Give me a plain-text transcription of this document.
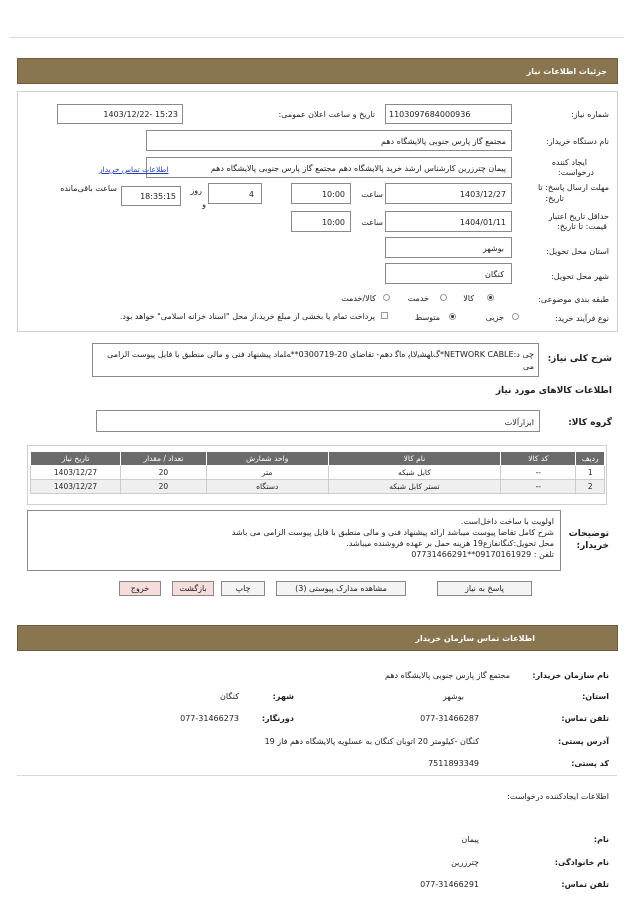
جزئیات اطلاعات نیاز
شماره نیاز:
1103097684000936
تاریخ و ساعت اعلان عمومی:
1403/12/22- 15:23
نام دستگاه خریدار:
مجتمع گاز پارس جنوبی پالایشگاه دهم
ایجاد کننده
درخواست:
پیمان چترزرین کارشناس ارشد خرید پالایشگاه دهم مجتمع گاز پارس جنوبی پالایشگاه دهم
اطلاعات تماس خریدار
مهلت ارسال پاسخ: تا
تاریخ:
1403/12/27
ساعت
10:00
4
روز
و
18:35:15
ساعت باقی‌مانده
حداقل تاریخ اعتبار
قیمت: تا تاریخ:
1404/01/11
ساعت
10:00
استان محل تحویل:
بوشهر
شهر محل تحویل:
کنگان
طبقه بندی موضوعی:
کالا
خدمت
کالا/خدمت
نوع فرآیند خرید:
جزیی
متوسط
پرداخت تمام یا بخشی از مبلغ خرید،از محل "اسناد خزانه اسلامی" خواهد بود.
شرح کلی نیاز:
چی د:NETWORK CABLE*ﮒﺎﻬﺸﻳﻻﺎﭘ ﻩﺎﮔ دهم- تقاضای 20-0300719**ﻪﻠﻣاد پیشنهاد فنی و مالی منطبق با فایل پیوست الزامی می
اطلاعات کالاهای مورد نیاز
گروه کالا:
ابزارآلات
ردیف	کد کالا	نام کالا	واحد شمارش	تعداد / مقدار	تاریخ نیاز
1	--	کابل شبکه	متر	20	1403/12/27
2	--	تستر کابل شبکه	دستگاه	20	1403/12/27
توضیحات
خریدار:
اولویت با ساخت داخل‌است.
شرح کامل تقاضا پیوست میباشد ارائه پیشنهاد فنی و مالی منطبق با فایل پیوست الزامی می باشد
محل تحویل:کنگانفازع19 هزینه حمل بر عهده فروشنده میباشد.
تلفن : 09170161929**07731466291
پاسخ به نیاز
مشاهده مدارک پیوستی (3)
چاپ
بازگشت
خروج
اطلاعات تماس سازمان خریدار
نام سازمان خریدار:
مجتمع گاز پارس جنوبی پالایشگاه دهم
استان:
بوشهر
شهر:
کنگان
تلفن تماس:
077-31466287
دورنگار:
077-31466273
آدرس پستی:
کنگان -کیلومتر 20 اتوبان کنگان به عسلویه پالایشگاه دهم فاز 19
کد پستی:
7511893349
اطلاعات ایجادکننده درخواست:
نام:
پیمان
نام خانوادگی:
چترزرین
تلفن تماس:
077-31466291
